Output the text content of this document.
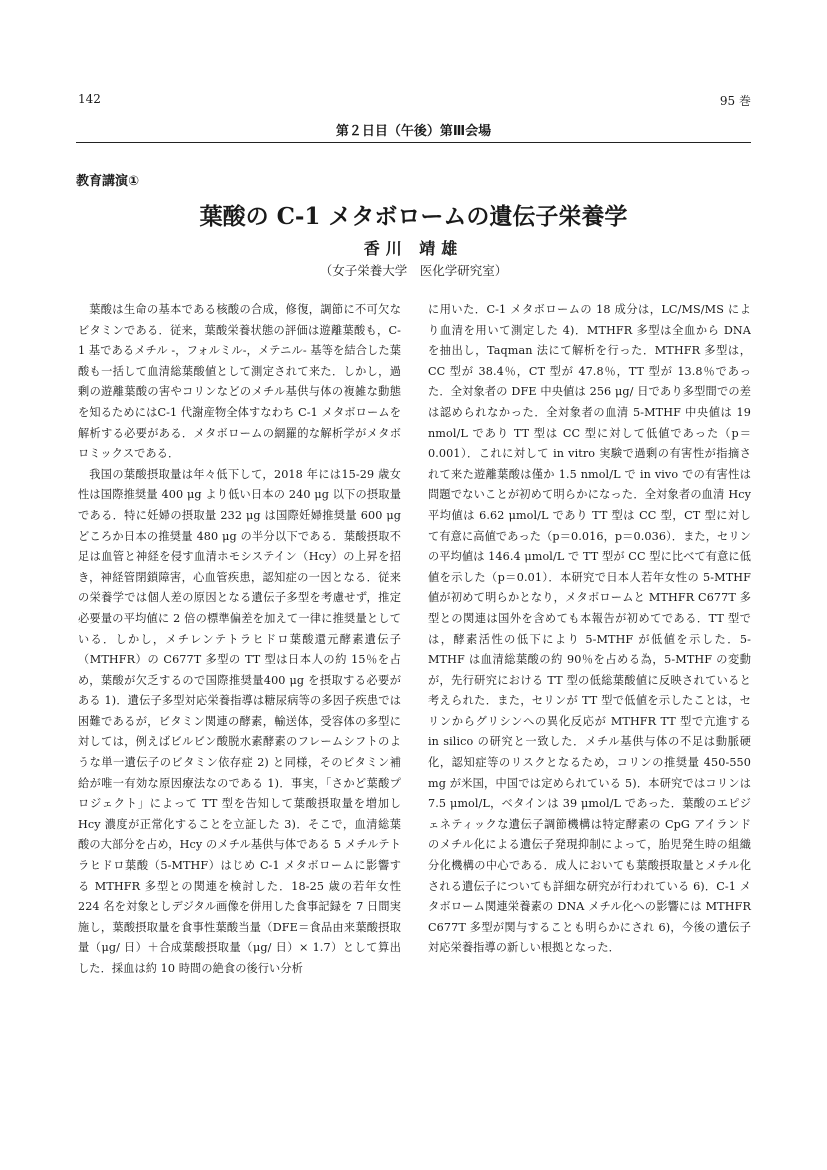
142	95 巻
第２日目（午後）第Ⅲ会場
教育講演①
葉酸の C-1 メタボロームの遺伝子栄養学
香川 靖雄
（女子栄養大学　医化学研究室）

葉酸は生命の基本である核酸の合成，修復，調節に不可欠なビタミンである．従来，葉酸栄養状態の評価は遊離葉酸も，C-1 基であるメチル -，フォルミル-，メテニル- 基等を結合した葉酸も一括して血清総葉酸値として測定されて来た．しかし，過剰の遊離葉酸の害やコリンなどのメチル基供与体の複雑な動態を知るためにはC-1 代謝産物全体すなわち C-1 メタボロームを解析する必要がある．メタボロームの網羅的な解析学がメタボロミックスである．

我国の葉酸摂取量は年々低下して，2018 年には15-29 歳女性は国際推奨量 400 μg より低い日本の 240 μg 以下の摂取量である．特に妊婦の摂取量 232 μg は国際妊婦推奨量 600 μg どころか日本の推奨量 480 μg の半分以下である．葉酸摂取不足は血管と神経を侵す血清ホモシステイン（Hcy）の上昇を招き，神経管閉鎖障害，心血管疾患，認知症の一因となる．従来の栄養学では個人差の原因となる遺伝子多型を考慮せず，推定必要量の平均値に 2 倍の標準偏差を加えて一律に推奨量としている．しかし，メチレンテトラヒドロ葉酸還元酵素遺伝子（MTHFR）の C677T 多型の TT 型は日本人の約 15％を占め，葉酸が欠乏するので国際推奨量400 μg を摂取する必要がある 1)．遺伝子多型対応栄養指導は糖尿病等の多因子疾患では困難であるが，ビタミン関連の酵素，輸送体，受容体の多型に対しては，例えばビルビン酸脱水素酵素のフレームシフトのような単一遺伝子のビタミン依存症 2) と同様，そのビタミン補給が唯一有効な原因療法なのである 1)．事実，「さかど葉酸プロジェクト」によって TT 型を告知して葉酸摂取量を増加し Hcy 濃度が正常化することを立証した 3)．そこで，血清総葉酸の大部分を占め，Hcy のメチル基供与体である 5 メチルテトラヒドロ葉酸（5-MTHF）はじめ C-1 メタボロームに影響する MTHFR 多型との関連を検討した．18-25 歳の若年女性 224 名を対象としデジタル画像を併用した食事記録を 7 日間実施し，葉酸摂取量を食事性葉酸当量（DFE＝食品由来葉酸摂取量（μg/ 日）＋合成葉酸摂取量（μg/ 日）× 1.7）として算出した．採血は約 10 時間の絶食の後行い分析

に用いた．C-1 メタボロームの 18 成分は，LC/MS/MS により血清を用いて測定した 4)．MTHFR 多型は全血から DNA を抽出し，Taqman 法にて解析を行った．MTHFR 多型は，CC 型が 38.4％，CT 型が 47.8％，TT 型が 13.8％であった．全対象者の DFE 中央値は 256 μg/ 日であり多型間での差は認められなかった．全対象者の血清 5-MTHF 中央値は 19 nmol/L であり TT 型は CC 型に対して低値であった（p＝0.001）．これに対して in vitro 実験で過剰の有害性が指摘されて来た遊離葉酸は僅か 1.5 nmol/L で in vivo での有害性は問題でないことが初めて明らかになった．全対象者の血清 Hcy 平均値は 6.62 μmol/L であり TT 型は CC 型，CT 型に対して有意に高値であった（p＝0.016，p＝0.036）．また，セリンの平均値は 146.4 μmol/L で TT 型が CC 型に比べて有意に低値を示した（p＝0.01）．本研究で日本人若年女性の 5-MTHF 値が初めて明らかとなり，メタボロームと MTHFR C677T 多型との関連は国外を含めても本報告が初めてである．TT 型では，酵素活性の低下により 5-MTHF が低値を示した．5-MTHF は血清総葉酸の約 90％を占める為，5-MTHF の変動が，先行研究における TT 型の低総葉酸値に反映されていると考えられた．また，セリンが TT 型で低値を示したことは，セリンからグリシンへの異化反応が MTHFR TT 型で亢進する in silico の研究と一致した．メチル基供与体の不足は動脈硬化，認知症等のリスクとなるため，コリンの推奨量 450-550 mg が米国，中国では定められている 5)．本研究ではコリンは7.5 μmol/L，ベタインは 39 μmol/L であった．葉酸のエピジェネティックな遺伝子調節機構は特定酵素の CpG アイランドのメチル化による遺伝子発現抑制によって，胎児発生時の組織分化機構の中心である．成人においても葉酸摂取量とメチル化される遺伝子についても詳細な研究が行われている 6)．C-1 メタボローム関連栄養素の DNA メチル化への影響には MTHFR C677T 多型が関与することも明らかにされ 6)，今後の遺伝子対応栄養指導の新しい根拠となった．
